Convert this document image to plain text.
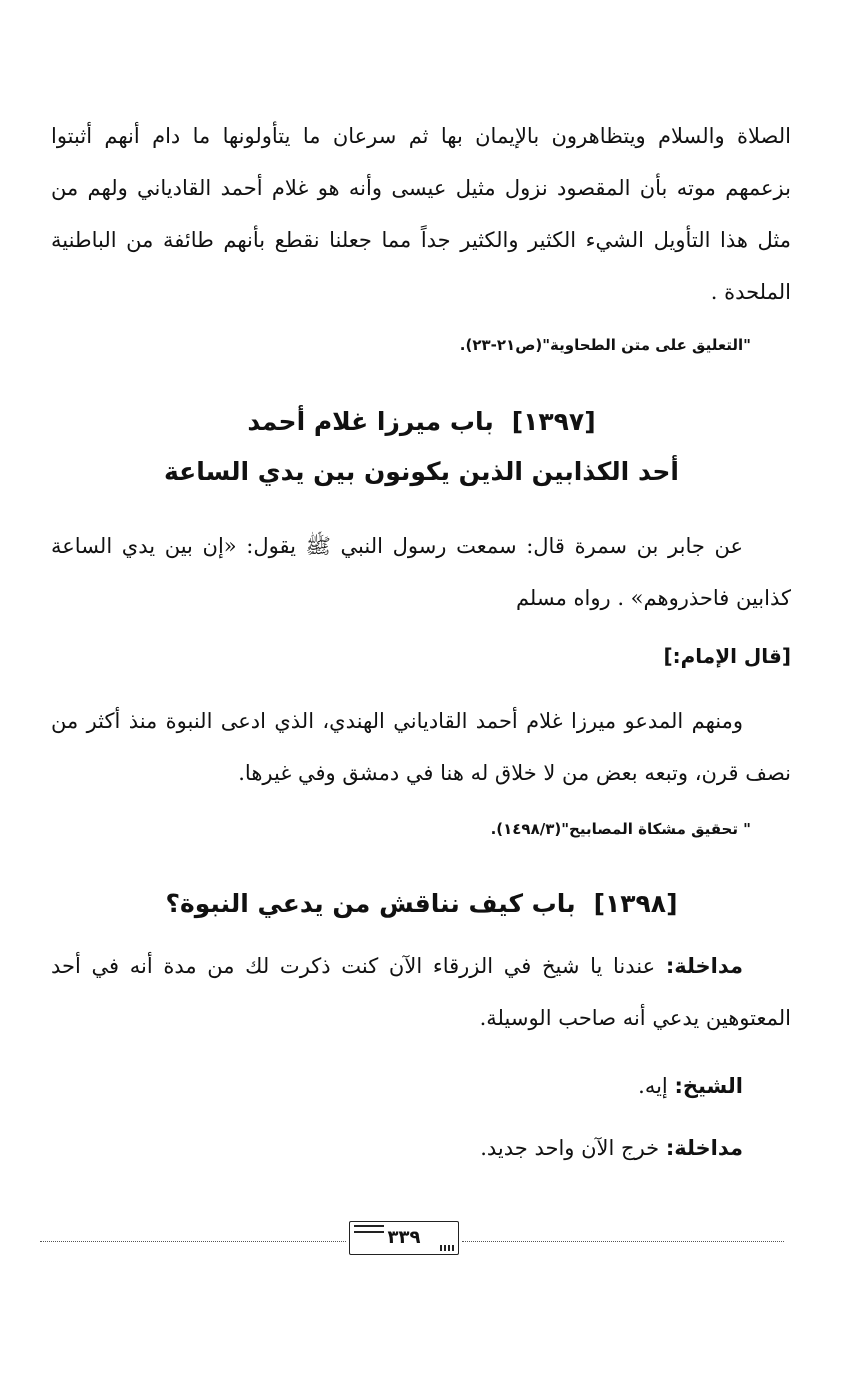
الصلاة والسلام ويتظاهرون بالإيمان بها ثم سرعان ما يتأولونها ما دام أنهم أثبتوا بزعمهم موته بأن المقصود نزول مثيل عيسى وأنه هو غلام أحمد القادياني ولهم من مثل هذا التأويل الشيء الكثير والكثير جداً مما جعلنا نقطع بأنهم طائفة من الباطنية الملحدة .

"التعليق على متن الطحاوية"(ص٢١-٢٣).

[١٣٩٧]باب ميرزا غلام أحمد

أحد الكذابين الذين يكونون بين يدي الساعة

عن جابر بن سمرة قال: سمعت رسول النبي ﷺ يقول: «إن بين يدي الساعة كذابين فاحذروهم» . رواه مسلم

[قال الإمام:]

ومنهم المدعو ميرزا غلام أحمد القادياني الهندي، الذي ادعى النبوة منذ أكثر من نصف قرن، وتبعه بعض من لا خلاق له هنا في دمشق وفي غيرها.

" تحقيق مشكاة المصابيح"(١٤٩٨/٣).

[١٣٩٨]باب كيف نناقش من يدعي النبوة؟

مداخلة: عندنا يا شيخ في الزرقاء الآن كنت ذكرت لك من مدة أنه في أحد المعتوهين يدعي أنه صاحب الوسيلة.

الشيخ: إيه.

مداخلة: خرج الآن واحد جديد.

٣٣٩
